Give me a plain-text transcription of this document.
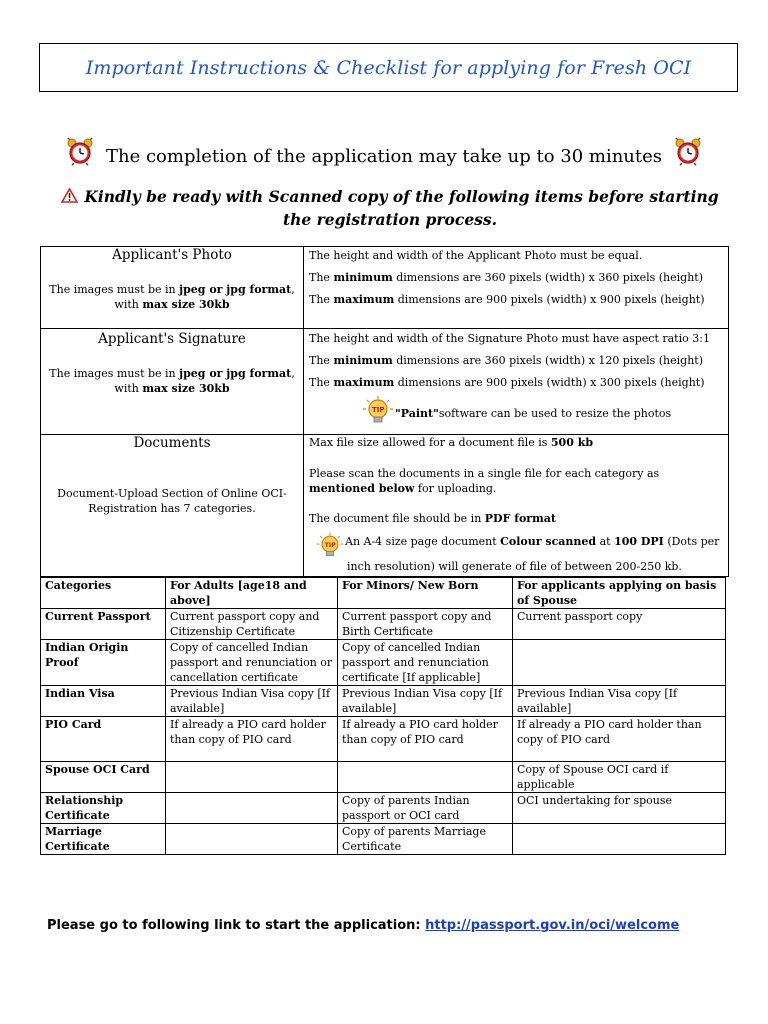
Important Instructions & Checklist for applying for Fresh OCI
The completion of the application may take up to 30 minutes
Kindly be ready with Scanned copy of the following items before starting the registration process.
Applicant's Photo
The images must be in jpeg or jpg format,
with max size 30kb
The height and width of the Applicant Photo must be equal.
The minimum dimensions are 360 pixels (width) x 360 pixels (height)
The maximum dimensions are 900 pixels (width) x 900 pixels (height)
Applicant's Signature
The images must be in jpeg or jpg format,
with max size 30kb
The height and width of the Signature Photo must have aspect ratio 3:1
The minimum dimensions are 360 pixels (width) x 120 pixels (height)
The maximum dimensions are 900 pixels (width) x 300 pixels (height)
TIP "Paint"software can be used to resize the photos
Documents
Document-Upload Section of Online OCI-Registration has 7 categories.
Max file size allowed for a document file is 500 kb
Please scan the documents in a single file for each category as
mentioned below for uploading.
The document file should be in PDF format
TIP An A-4 size page document Colour scanned at 100 DPI (Dots per
inch resolution) will generate of file of between 200-250 kb.
Categories	For Adults [age18 and above]	For Minors/ New Born	For applicants applying on basis of Spouse
Current Passport	Current passport copy and Citizenship Certificate	Current passport copy and Birth Certificate	Current passport copy
Indian Origin Proof	Copy of cancelled Indian passport and renunciation or cancellation certificate	Copy of cancelled Indian passport and renunciation certificate [If applicable]	
Indian Visa	Previous Indian Visa copy [If available]	Previous Indian Visa copy [If available]	Previous Indian Visa copy [If available]
PIO Card	If already a PIO card holder than copy of PIO card	If already a PIO card holder than copy of PIO card	If already a PIO card holder than copy of PIO card
Spouse OCI Card			Copy of Spouse OCI card if applicable
Relationship Certificate		Copy of parents Indian passport or OCI card	OCI undertaking for spouse
Marriage Certificate		Copy of parents Marriage Certificate	
Please go to following link to start the application: http://passport.gov.in/oci/welcome
